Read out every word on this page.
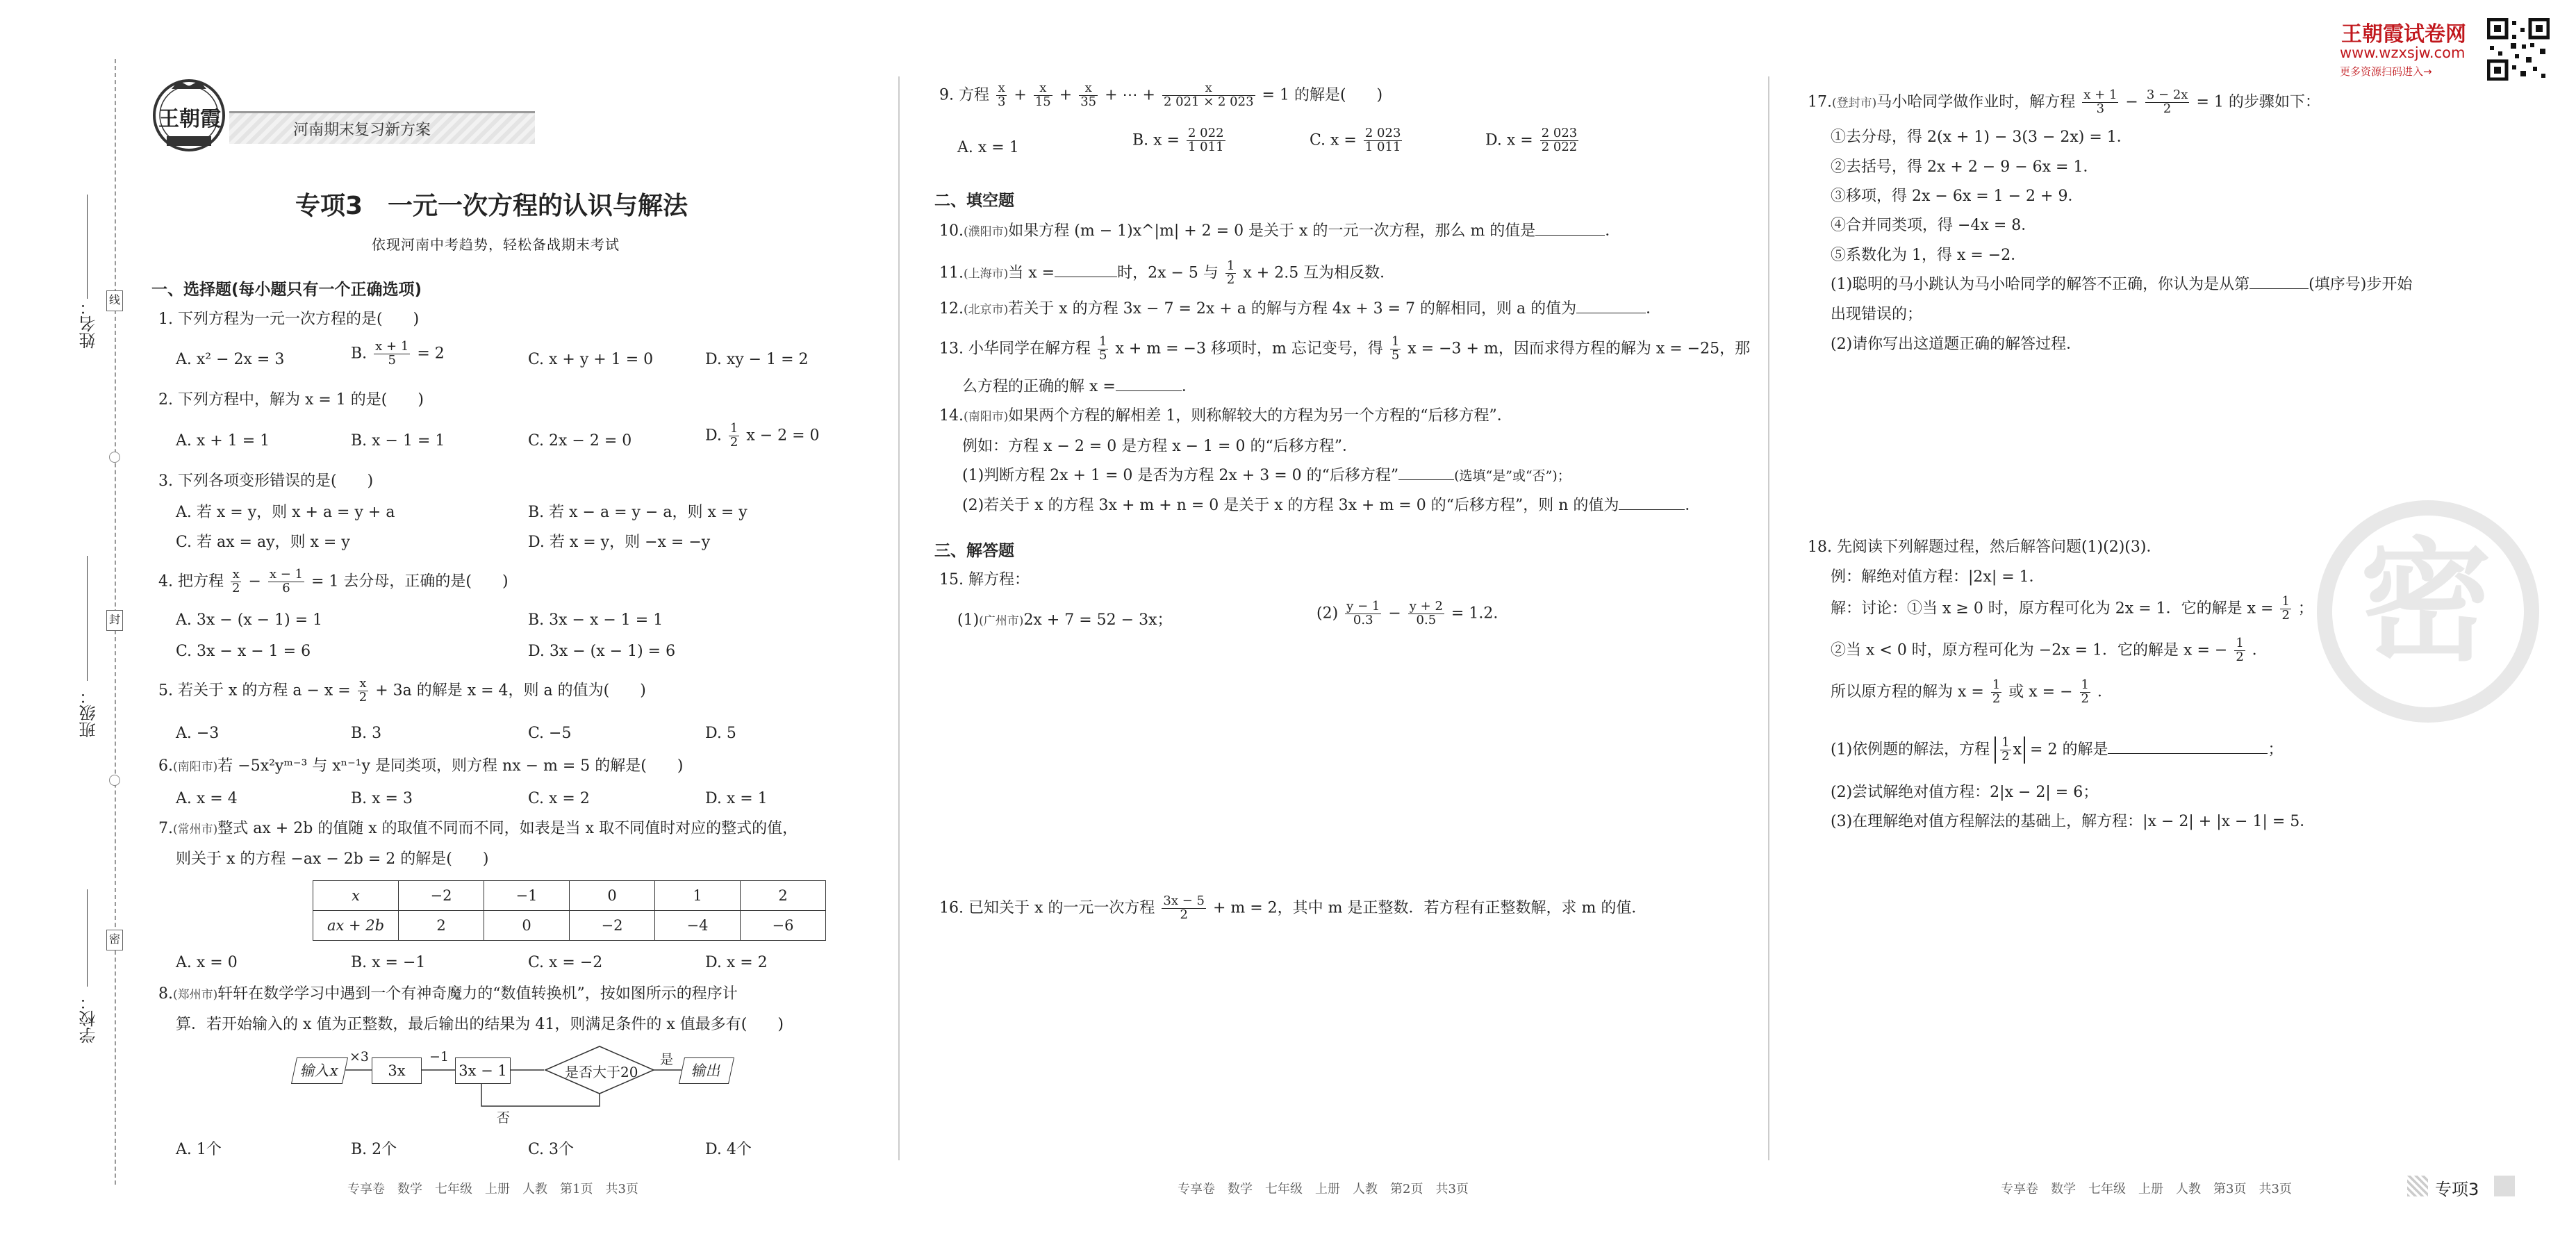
姓名：
班级：
学校：
线
封
密
王朝霞	河南期末复习新方案
专项3　一元一次方程的认识与解法
依现河南中考趋势，轻松备战期末考试
一、选择题(每小题只有一个正确选项)
1. 下列方程为一元一次方程的是(　　)
A. x² − 2x = 3	B. $\frac{x + 1}{5} = 2$	C. x + y + 1 = 0	D. xy − 1 = 2
2. 下列方程中，解为 x = 1 的是(　　)
A. x + 1 = 1	B. x − 1 = 1	C. 2x − 2 = 0	D. $\frac{1}{2}$ x − 2 = 0
3. 下列各项变形错误的是(　　)
A. 若 x = y，则 x + a = y + a	B. 若 x − a = y − a，则 x = y
C. 若 ax = ay，则 x = y	D. 若 x = y，则 −x = −y
4. 把方程 $\frac{x}{2} - \frac{x - 1}{6} = 1$ 去分母，正确的是(　　)
A. 3x − (x − 1) = 1	B. 3x − x − 1 = 1
C. 3x − x − 1 = 6	D. 3x − (x − 1) = 6
5. 若关于 x 的方程 $a - x = \frac{x}{2} + 3a$ 的解是 x = 4，则 a 的值为(　　)
A. −3	B. 3	C. −5	D. 5
6.(南阳市)若 −5x²yᵐ⁻³ 与 xⁿ⁻¹y 是同类项，则方程 nx − m = 5 的解是(　　)
A. x = 4	B. x = 3	C. x = 2	D. x = 1
7.(常州市)整式 ax + 2b 的值随 x 的取值不同而不同，如表是当 x 取不同值时对应的整式的值，
则关于 x 的方程 −ax − 2b = 2 的解是(　　)
x	−2	−1	0	1	2
ax + 2b	2	0	−2	−4	−6
A. x = 0	B. x = −1	C. x = −2	D. x = 2
8.(郑州市)轩轩在数学学习中遇到一个有神奇魔力的“数值转换机”，按如图所示的程序计
算．若开始输入的 x 值为正整数，最后输出的结果为 41，则满足条件的 x 值最多有(　　)
输入x
×3
3x
−1
3x − 1	是否大于20
是
输出
否
A. 1个	B. 2个	C. 3个	D. 4个
专享卷　数学　七年级　上册　人教　第1页　共3页
9. 方程 $\frac{x}{3} + \frac{x}{15} + \frac{x}{35}$ + ⋯ + $\frac{x}{2 021 \times 2 023} = 1$ 的解是(　　)
A. x = 1	B. $x = \frac{2 022}{1 011}$	C. $x = \frac{2 023}{1 011}$	D. $x = \frac{2 023}{2 022}$
二、填空题
10.(濮阳市)如果方程 (m − 1)x^|m| + 2 = 0 是关于 x 的一元一次方程，那么 m 的值是	．
11.(上海市)当 x =	时，2x − 5 与 $\frac{1}{2}$ x + 2.5 互为相反数．
12.(北京市)若关于 x 的方程 3x − 7 = 2x + a 的解与方程 4x + 3 = 7 的解相同，则 a 的值为	．
13. 小华同学在解方程 $\frac{1}{5}$ x + m = −3 移项时，m 忘记变号，得 $\frac{1}{5}$ x = −3 + m，因而求得方程的解为 x = −25，那
么方程的正确的解 x =	．
14.(南阳市)如果两个方程的解相差 1，则称解较大的方程为另一个方程的“后移方程”．
例如：方程 x − 2 = 0 是方程 x − 1 = 0 的“后移方程”．
(1)判断方程 2x + 1 = 0 是否为方程 2x + 3 = 0 的“后移方程”	(选填“是”或“否”)；
(2)若关于 x 的方程 3x + m + n = 0 是关于 x 的方程 3x + m = 0 的“后移方程”，则 n 的值为	．
三、解答题
15. 解方程：
(1)(广州市)2x + 7 = 52 − 3x；	$(2) \frac{y - 1}{0.3} - \frac{y + 2}{0.5} = 1.2$.
16. 已知关于 x 的一元一次方程 $\frac{3x - 5}{2} + m = 2$，其中 m 是正整数．若方程有正整数解，求 m 的值．
专享卷　数学　七年级　上册　人教　第2页　共3页
王朝霞试卷网
www.wzxsjw.com
更多资源扫码进入→
17.(登封市)马小哈同学做作业时，解方程 $\frac{x + 1}{3} - \frac{3 - 2x}{2} = 1$ 的步骤如下：
①去分母，得 2(x + 1) − 3(3 − 2x) = 1．
②去括号，得 2x + 2 − 9 − 6x = 1．
③移项，得 2x − 6x = 1 − 2 + 9．
④合并同类项，得 −4x = 8．
⑤系数化为 1，得 x = −2．
(1)聪明的马小跳认为马小哈同学的解答不正确，你认为是从第	(填序号)步开始
出现错误的；
(2)请你写出这道题正确的解答过程．
18. 先阅读下列解题过程，然后解答问题(1)(2)(3)．
例：解绝对值方程：|2x| = 1．
解：讨论：①当 x ≥ 0 时，原方程可化为 2x = 1．它的解是 $x = \frac{1}{2}$ ；
②当 x < 0 时，原方程可化为 −2x = 1．它的解是 x = − $\frac{1}{2}$ ．
所以原方程的解为 $x = \frac{1}{2}$ 或 x = − $\frac{1}{2}$ ．
(1)依例题的解法，方程 $\frac{1}{2}$ x = 2 的解是	；
(2)尝试解绝对值方程：2|x − 2| = 6；
(3)在理解绝对值方程解法的基础上，解方程：|x − 2| + |x − 1| = 5．
密
专享卷　数学　七年级　上册　人教　第3页　共3页	专项3
